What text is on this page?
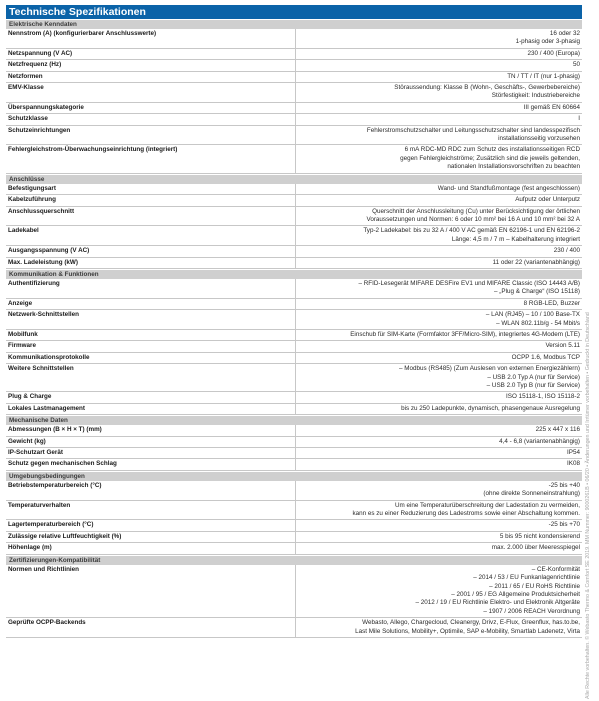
Technische Spezifikationen
Elektrische Kenndaten
Nennstrom (A) (konfigurierbarer Anschlusswerte)	16 oder 32
1-phasig oder 3-phasig
Netzspannung (V AC)	230 / 400 (Europa)
Netzfrequenz (Hz)	50
Netzformen	TN / TT / IT (nur 1-phasig)
EMV-Klasse	Störaussendung: Klasse B (Wohn-, Geschäfts-, Gewerbebereiche)
Störfestigkeit: Industriebereiche
Überspannungskategorie	III gemäß EN 60664
Schutzklasse	I
Schutzeinrichtungen	Fehlerstromschutzschalter und Leitungsschutzschalter sind landesspezifisch
installationsseitig vorzusehen
Fehlergleichstrom-Überwachungseinrichtung (integriert)	6 mA RDC-MD RDC zum Schutz des installationsseitigen RCD
gegen Fehlergleichströme; Zusätzlich sind die jeweils geltenden,
nationalen Installationsvorschriften zu beachten
Anschlüsse
Befestigungsart	Wand- und Standfußmontage (fest angeschlossen)
Kabelzuführung	Aufputz oder Unterputz
Anschlussquerschnitt	Querschnitt der Anschlussleitung (Cu) unter Berücksichtigung der örtlichen
Voraussetzungen und Normen: 6 oder 10 mm² bei 16 A und 10 mm² bei 32 A
Ladekabel	Typ-2 Ladekabel: bis zu 32 A / 400 V AC gemäß EN 62196-1 und EN 62196-2
Länge: 4,5 m / 7 m – Kabelhalterung integriert
Ausgangsspannung (V AC)	230 / 400
Max. Ladeleistung (kW)	11 oder 22 (variantenabhängig)
Kommunikation & Funktionen
Authentifizierung	– RFID-Lesegerät MIFARE DESFire EV1 und MIFARE Classic (ISO 14443 A/B)
– „Plug & Charge“ (ISO 15118)
Anzeige	8 RGB-LED, Buzzer
Netzwerk-Schnittstellen	– LAN (RJ45) – 10 / 100 Base-TX
– WLAN 802.11b/g - 54 Mbit/s
Mobilfunk	Einschub für SIM-Karte (Formfaktor 3FF/Micro-SIM), integriertes 4G-Modem (LTE)
Firmware	Version 5.11
Kommunikationsprotokolle	OCPP 1.6, Modbus TCP
Weitere Schnittstellen	– Modbus (RS485) (Zum Auslesen von externen Energiezählern)
– USB 2.0 Typ A (nur für Service)
– USB 2.0 Typ B (nur für Service)
Plug & Charge	ISO 15118-1, ISO 15118-2
Lokales Lastmanagement	bis zu 250 Ladepunkte, dynamisch, phasengenaue Ausregelung
Mechanische Daten
Abmessungen (B × H × T) (mm)	225 x 447 x 116
Gewicht (kg)	4,4 - 6,8 (variantenabhängig)
IP-Schutzart Gerät	IP54
Schutz gegen mechanischen Schlag	IK08
Umgebungsbedingungen
Betriebstemperaturbereich (°C)	-25 bis +40
(ohne direkte Sonneneinstrahlung)
Temperaturverhalten	Um eine Temperaturüberschreitung der Ladestation zu vermeiden,
kann es zu einer Reduzierung des Ladestroms sowie einer Abschaltung kommen.
Lagertemperaturbereich (°C)	-25 bis +70
Zulässige relative Luftfeuchtigkeit (%)	5 bis 95 nicht kondensierend
Höhenlage (m)	max. 2.000 über Meeresspiegel
Zertifizierungen-Kompatibilität
Normen und Richtlinien	– CE-Konformität
– 2014 / 53 / EU Funkanlagenrichtlinie
– 2011 / 65 / EU RoHS Richtlinie
– 2001 / 95 / EG Allgemeine Produktsicherheit
– 2012 / 19 / EU Richtlinie Elektro- und Elektronik Altgeräte
– 1907 / 2006 REACH Verordnung
Geprüfte OCPP-Backends	Webasto, Allego, Chargecloud, Cleanergy, Drivz, E-Flux, Greenflux, has.to.be,
Last Mile Solutions, Mobility+, Optimile, SAP e-Mobility, Smartlab Ladenetz, Virta Alle Rechte vorbehalten. © Webasto Thermo & Comfort SE 2019. MM Nummer: 9000261B • 06/20 • Änderungen und Irrtümer vorbehalten • Gedruckt in Deutschland
